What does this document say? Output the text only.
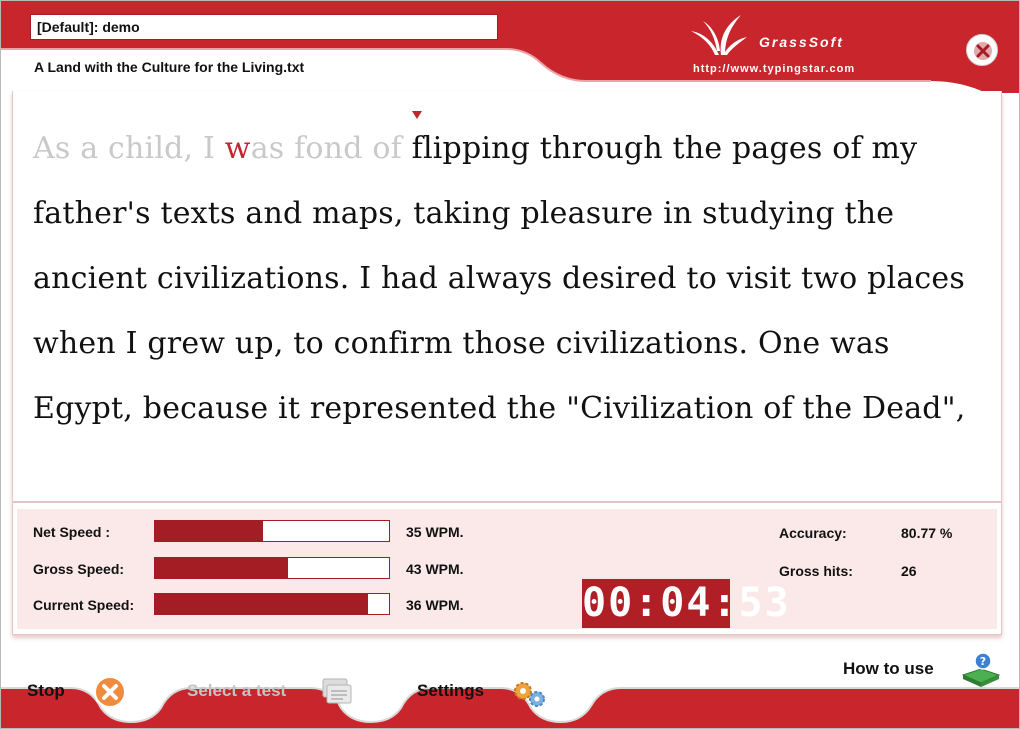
[Default]: demo
A Land with the Culture for the Living.txt
GrassSoft
http://www.typingstar.com
As a child, I was fond of flipping through the pages of my
father's texts and maps, taking pleasure in studying the
ancient civilizations. I had always desired to visit two places
when I grew up, to confirm those civilizations. One was
Egypt, because it represented the "Civilization of the Dead",
Net Speed :	35 WPM.
Gross Speed:	43 WPM.
Current Speed:	36 WPM.	00:04:53
Accuracy:	80.77 %
Gross hits:	26
Stop	Select a test	Settings
How to use	?
